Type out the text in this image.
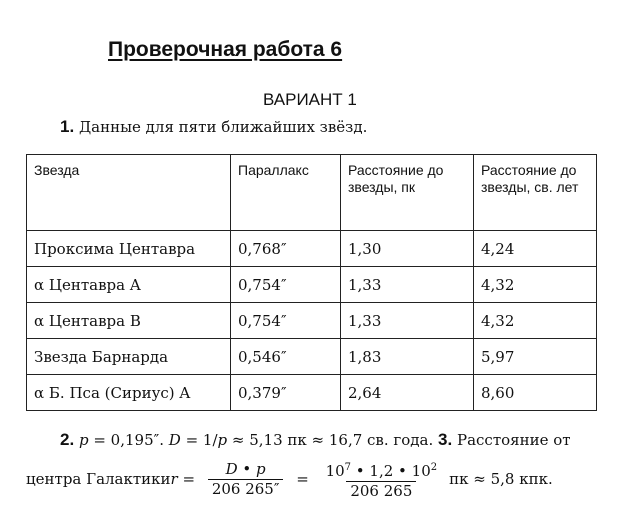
Проверочная работа 6
ВАРИАНТ 1
1. Данные для пяти ближайших звёзд.
Звезда	Параллакс	Расстояние до звезды, пк	Расстояние до звезды, св. лет
Проксима Центавра	0,768″	1,30	4,24
α Центавра A	0,754″	1,33	4,32
α Центавра B	0,754″	1,33	4,32
Звезда Барнарда	0,546″	1,83	5,97
α Б. Пса (Сириус) A	0,379″	2,64	8,60
2. p = 0,195″. D = 1/p ≈ 5,13 пк ≈ 16,7 св. года. 3. Расстояние от
центра Галактики $r = \frac{D • p}{206 265''} = \frac{10^7 • 1,2 • 10^2}{206 265}$ пк ≈ 5,8 кпк.
